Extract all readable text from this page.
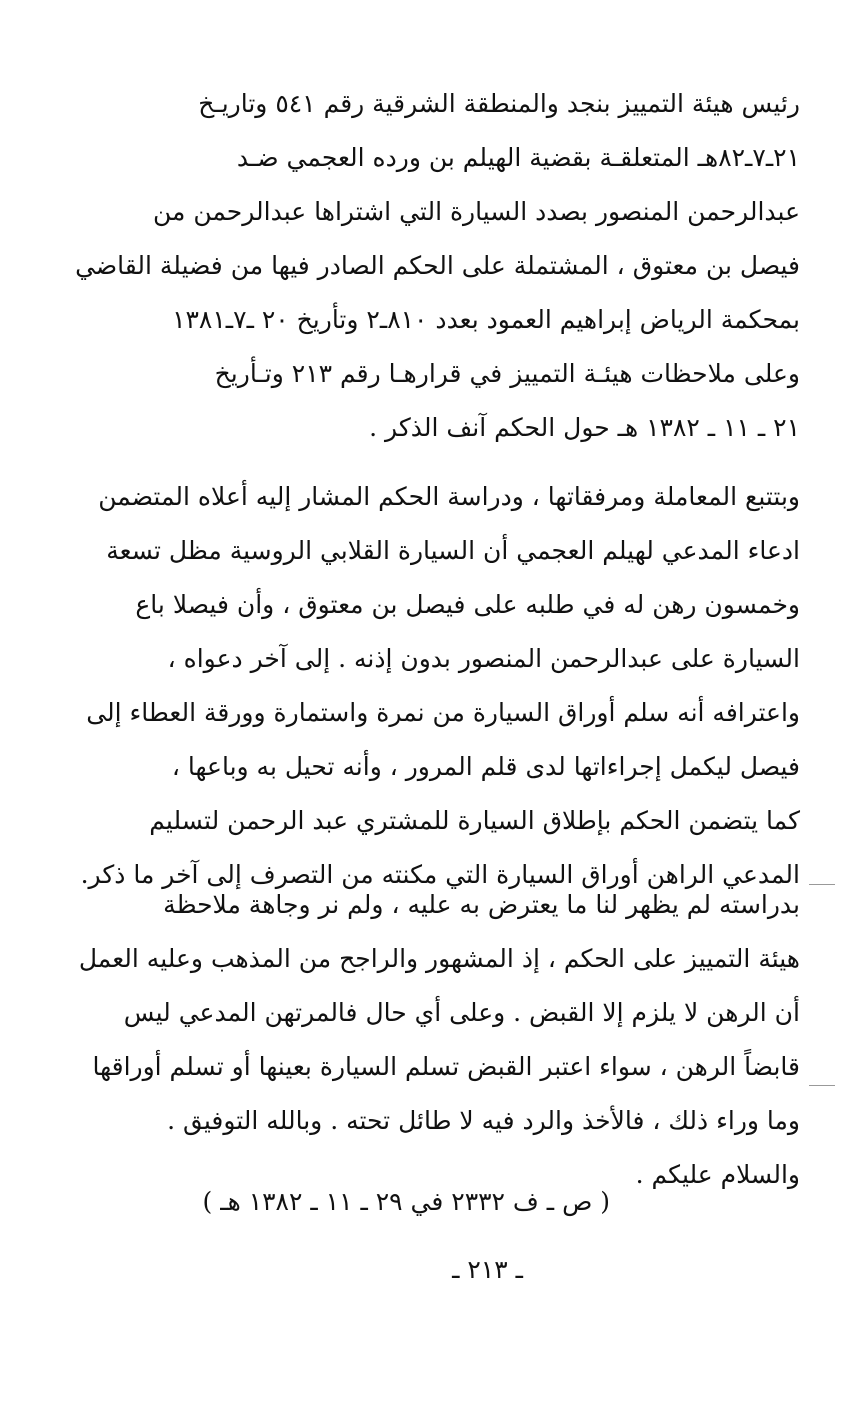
رئيس هيئة التمييز بنجد والمنطقة الشرقية رقم ٥٤١ وتاريـخ
٢١ـ٧ـ٨٢هـ المتعلقـة بقضية الهيلم بن ورده العجمي ضـد
عبدالرحمن المنصور بصدد السيارة التي اشتراها عبدالرحمن من
فيصل بن معتوق ، المشتملة على الحكم الصادر فيها من فضيلة القاضي
بمحكمة الرياض إبراهيم العمود بعدد ٨١٠ـ٢ وتأريخ ٢٠ ـ٧ـ١٣٨١
وعلى ملاحظات هيئـة التمييز في قرارهـا رقم ٢١٣ وتـأريخ
٢١ ـ ١١ ـ ١٣٨٢ هـ حول الحكم آنف الذكر .
وبتتبع المعاملة ومرفقاتها ، ودراسة الحكم المشار إليه أعلاه المتضمن
ادعاء المدعي لهيلم العجمي أن السيارة القلابي الروسية مظل تسعة
وخمسون رهن له في طلبه على فيصل بن معتوق ، وأن فيصلا باع
السيارة على عبدالرحمن المنصور بدون إذنه . إلى آخر دعواه ،
واعترافه أنه سلم أوراق السيارة من نمرة واستمارة وورقة العطاء إلى
فيصل ليكمل إجراءاتها لدى قلم المرور ، وأنه تحيل به وباعها ،
كما يتضمن الحكم بإطلاق السيارة للمشتري عبد الرحمن لتسليم
المدعي الراهن أوراق السيارة التي مكنته من التصرف إلى آخر ما ذكر.
بدراسته لم يظهر لنا ما يعترض به عليه ، ولم نر وجاهة ملاحظة
هيئة التمييز على الحكم ، إذ المشهور والراجح من المذهب وعليه العمل
أن الرهن لا يلزم إلا القبض . وعلى أي حال فالمرتهن المدعي ليس
قابضاً الرهن ، سواء اعتبر القبض تسلم السيارة بعينها أو تسلم أوراقها
وما وراء ذلك ، فالأخذ والرد فيه لا طائل تحته . وبالله التوفيق .
والسلام عليكم .
( ص ـ ف ٢٣٣٢ في ٢٩ ـ ١١ ـ ١٣٨٢ هـ )
ـ ٢١٣ ـ
